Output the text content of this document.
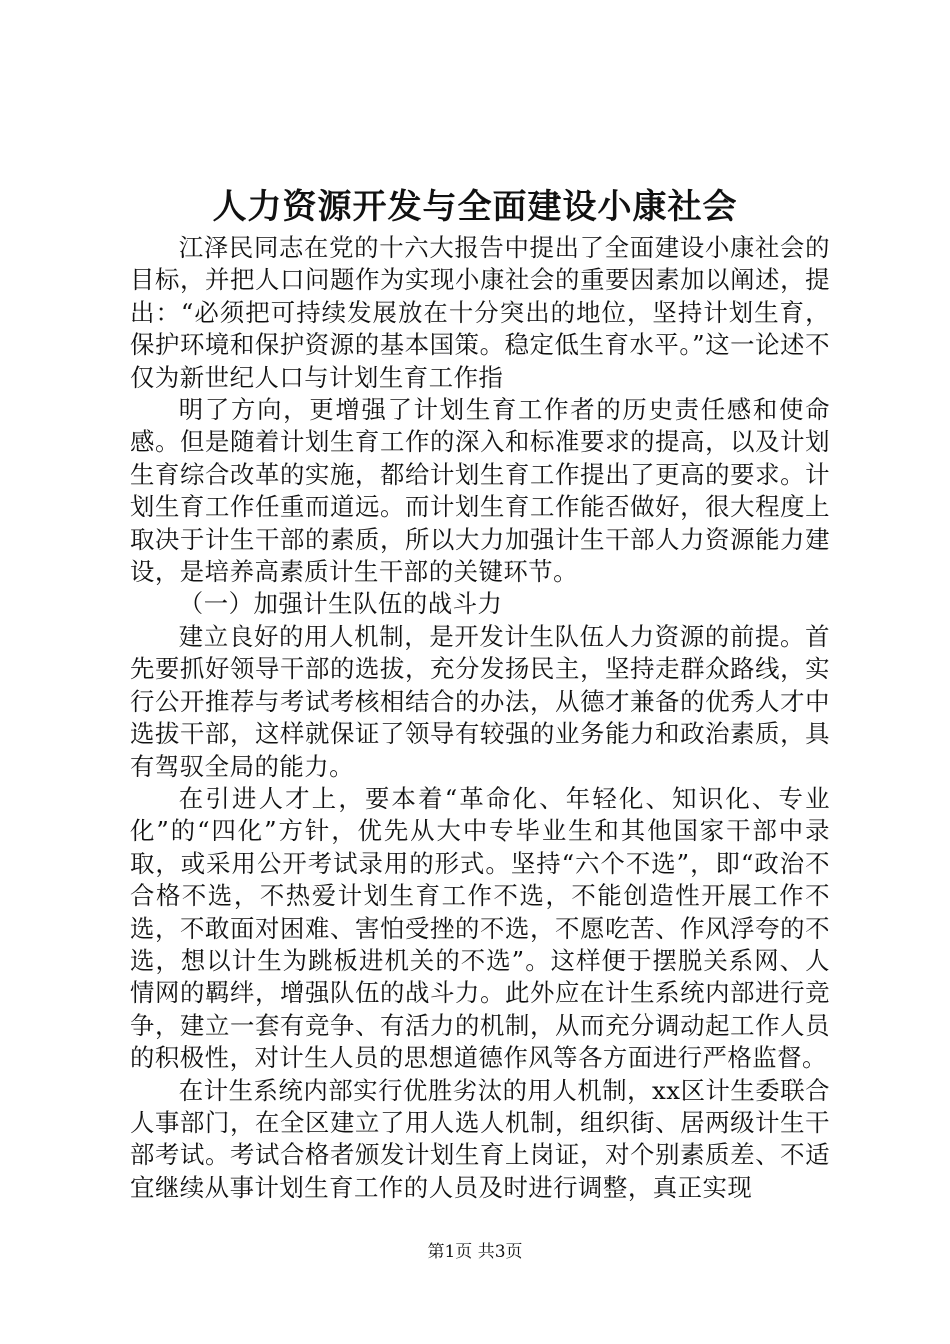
人力资源开发与全面建设小康社会

江泽民同志在党的十六大报告中提出了全面建设小康社会的目标，并把人口问题作为实现小康社会的重要因素加以阐述，提出：“必须把可持续发展放在十分突出的地位，坚持计划生育，保护环境和保护资源的基本国策。稳定低生育水平。”这一论述不仅为新世纪人口与计划生育工作指

明了方向，更增强了计划生育工作者的历史责任感和使命感。但是随着计划生育工作的深入和标准要求的提高，以及计划生育综合改革的实施，都给计划生育工作提出了更高的要求。计划生育工作任重而道远。而计划生育工作能否做好，很大程度上取决于计生干部的素质，所以大力加强计生干部人力资源能力建设，是培养高素质计生干部的关键环节。

（一）加强计生队伍的战斗力

建立良好的用人机制，是开发计生队伍人力资源的前提。首先要抓好领导干部的选拔，充分发扬民主，坚持走群众路线，实行公开推荐与考试考核相结合的办法，从德才兼备的优秀人才中选拔干部，这样就保证了领导有较强的业务能力和政治素质，具有驾驭全局的能力。

在引进人才上，要本着“革命化、年轻化、知识化、专业化”的“四化”方针，优先从大中专毕业生和其他国家干部中录取，或采用公开考试录用的形式。坚持“六个不选”，即“政治不合格不选，不热爱计划生育工作不选，不能创造性开展工作不选，不敢面对困难、害怕受挫的不选，不愿吃苦、作风浮夸的不选，想以计生为跳板进机关的不选”。这样便于摆脱关系网、人情网的羁绊，增强队伍的战斗力。此外应在计生系统内部进行竞争，建立一套有竞争、有活力的机制，从而充分调动起工作人员的积极性，对计生人员的思想道德作风等各方面进行严格监督。

在计生系统内部实行优胜劣汰的用人机制，xx区计生委联合人事部门，在全区建立了用人选人机制，组织街、居两级计生干部考试。考试合格者颁发计划生育上岗证，对个别素质差、不适宜继续从事计划生育工作的人员及时进行调整，真正实现

第1页 共3页
